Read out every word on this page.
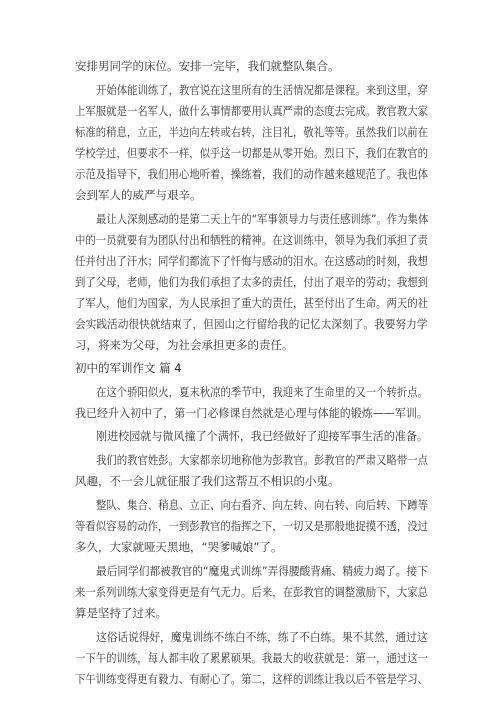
安排男同学的床位。安排一完毕，我们就整队集合。

开始体能训练了，教官说在这里所有的生活情况都是课程。来到这里，穿

上军服就是一名军人，做什么事情都要用认真严肃的态度去完成。教官教大家

标准的稍息，立正，半边向左转或右转，注目礼，敬礼等等。虽然我们以前在

学校学过，但要求不一样，似乎这一切都是从零开始。烈日下，我们在教官的

示范及指导下，我们用心地听着，操练着，我们的动作越来越规范了。我也体

会到军人的威严与艰辛。

最让人深刻感动的是第二天上午的“军事领导力与责任感训练”。作为集体

中的一员就要有为团队付出和牺牲的精神。在这训练中，领导为我们承担了责

任并付出了汗水；同学们都流下了忏悔与感动的泪水。在这感动的时刻，我想

到了父母，老师，他们为我们承担了太多的责任，付出了艰辛的劳动；我想到

了军人，他们为国家，为人民承担了重大的责任，甚至付出了生命。两天的社

会实践活动很快就结束了，但园山之行留给我的记忆太深刻了。我要努力学

习，将来为父母，为社会承担更多的责任。

初中的军训作文 篇 4

在这个骄阳似火，夏末秋凉的季节中，我迎来了生命里的又一个转折点。

我已经升入初中了，第一门必修课自然就是心理与体能的锻炼——军训。

刚进校园就与微风撞了个满怀，我已经做好了迎接军事生活的准备。

我们的教官姓彭。大家都亲切地称他为彭教官。彭教官的严肃又略带一点

风趣，不一会儿就征服了我们这帮互不相识的小鬼。

整队、集合、稍息、立正、向右看齐、向左转、向右转、向后转、下蹲等

等看似容易的动作，一到彭教官的指挥之下，一切又是那般地捉摸不透，没过

多久，大家就哑天黑地，“哭爹喊娘”了。

最后同学们都被教官的“魔鬼式训练”弄得腰酸背痛、精疲力竭了。接下

来一系列训练大家变得更是有气无力。后来，在彭教官的调整激励下，大家总

算是坚持了过来。

这俗话说得好，魔鬼训练不练白不练，练了不白练。果不其然，通过这

一下午的训练，每人都丰收了累累硕果。我最大的收获就是：第一，通过这一

下午训练变得更有毅力、有耐心了。第二，这样的训练让我以后不管是学习、
